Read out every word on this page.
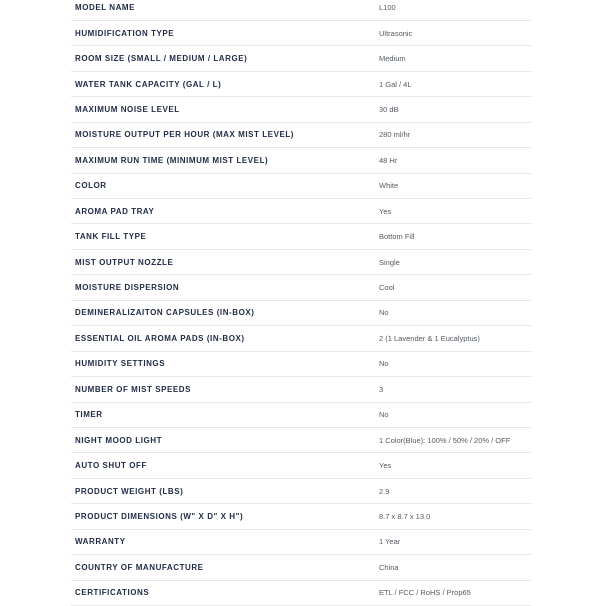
MODEL NAME	L100
HUMIDIFICATION TYPE	Ultrasonic
ROOM SIZE (SMALL / MEDIUM / LARGE)	Medium
WATER TANK CAPACITY (GAL / L)	1 Gal / 4L
MAXIMUM NOISE LEVEL	30 dB
MOISTURE OUTPUT PER HOUR (MAX MIST LEVEL)	280 ml/hr
MAXIMUM RUN TIME (MINIMUM MIST LEVEL)	48 Hr
COLOR	White
AROMA PAD TRAY	Yes
TANK FILL TYPE	Bottom Fill
MIST OUTPUT NOZZLE	Single
MOISTURE DISPERSION	Cool
DEMINERALIZAITON CAPSULES (IN-BOX)	No
ESSENTIAL OIL AROMA PADS (IN-BOX)	2 (1 Lavender & 1 Eucalyptus)
HUMIDITY SETTINGS	No
NUMBER OF MIST SPEEDS	3
TIMER	No
NIGHT MOOD LIGHT	1 Color(Blue): 100% / 50% / 20% / OFF
AUTO SHUT OFF	Yes
PRODUCT WEIGHT (LBS)	2.9
PRODUCT DIMENSIONS (W" X D" X H")	8.7 x 8.7 x 13.0
WARRANTY	1 Year
COUNTRY OF MANUFACTURE	China
CERTIFICATIONS	ETL / FCC / RoHS / Prop65
